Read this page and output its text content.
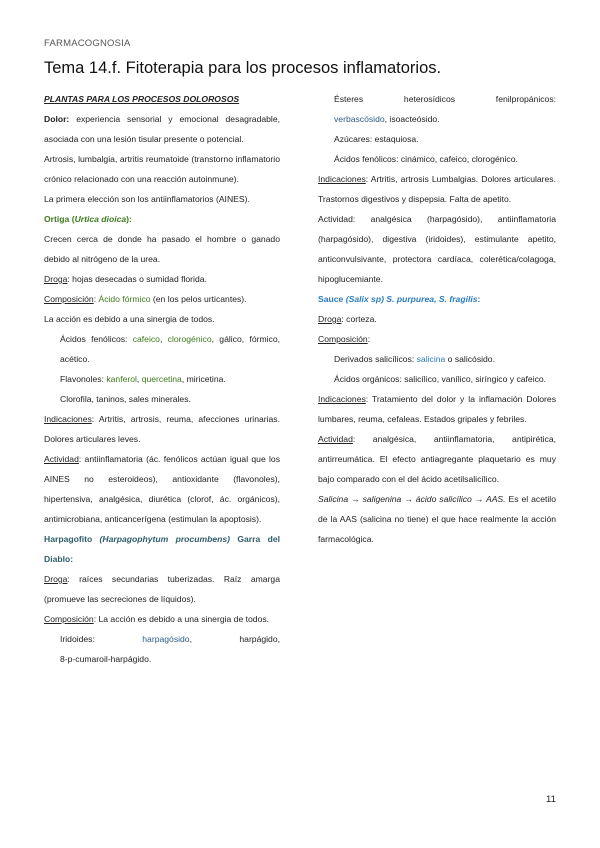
FARMACOGNOSIA
Tema 14.f. Fitoterapia para los procesos inflamatorios.

PLANTAS PARA LOS PROCESOS DOLOROSOS

Dolor: experiencia sensorial y emocional desagradable, asociada con una lesión tisular presente o potencial.

Artrosis, lumbalgia, artritis reumatoide (transtorno inflamatorio crónico relacionado con una reacción autoinmune).

La primera elección son los antiinflamatorios (AINES).

Ortiga (Urtica dioica):

Crecen cerca de donde ha pasado el hombre o ganado debido al nitrógeno de la urea.

Droga: hojas desecadas o sumidad florida.

Composición: Ácido fórmico (en los pelos urticantes).

La acción es debido a una sinergia de todos.

Ácidos fenólicos: cafeico, clorogénico, gálico, fórmico, acético.

Flavonoles: kanferol, quercetina, miricetina.

Clorofila, taninos, sales minerales.

Indicaciones: Artritis, artrosis, reuma, afecciones urinarias. Dolores articulares leves.

Actividad: antiinflamatoria (ác. fenólicos actúan igual que los AINES no esteroideos), antioxidante (flavonoles), hipertensiva, analgésica, diurética (clorof, ác. orgánicos), antimicrobiana, anticancerígena (estimulan la apoptosis).

Harpagofito (Harpagophytum procumbens) Garra del Diablo:

Droga: raíces secundarias tuberizadas. Raíz amarga (promueve las secreciones de líquidos).

Composición: La acción es debido a una sinergia de todos.

Iridoides: harpagósido, harpágido,

8-p-cumaroil-harpágido.

Ésteres heterosídicos fenilpropánicos:

verbascósido, isoacteósido.

Azúcares: estaquiosa.

Ácidos fenólicos: cinámico, cafeico, clorogénico.

Indicaciones: Artritis, artrosis Lumbalgias. Dolores articulares. Trastornos digestivos y dispepsia. Falta de apetito.

Actividad: analgésica (harpagósido), antiinflamatoria (harpagósido), digestiva (iridoides), estimulante apetito, anticonvulsivante, protectora cardíaca, colerética/colagoga, hipoglucemiante.

Sauce (Salix sp) S. purpurea, S. fragilis:

Droga: corteza.

Composición:

Derivados salicílicos: salicina o salicósido.

Ácidos orgánicos: salicílico, vanílico, siríngico y cafeico.

Indicaciones: Tratamiento del dolor y la inflamación Dolores lumbares, reuma, cefaleas. Estados gripales y febriles.

Actividad: analgésica, antiinflamatoria, antipirética, antirreumática. El efecto antiagregante plaquetario es muy bajo comparado con el del ácido acetilsalicílico.

Salicina → saligenina → ácido salicílico → AAS. Es el acetilo de la AAS (salicina no tiene) el que hace realmente la acción farmacológica.

11
